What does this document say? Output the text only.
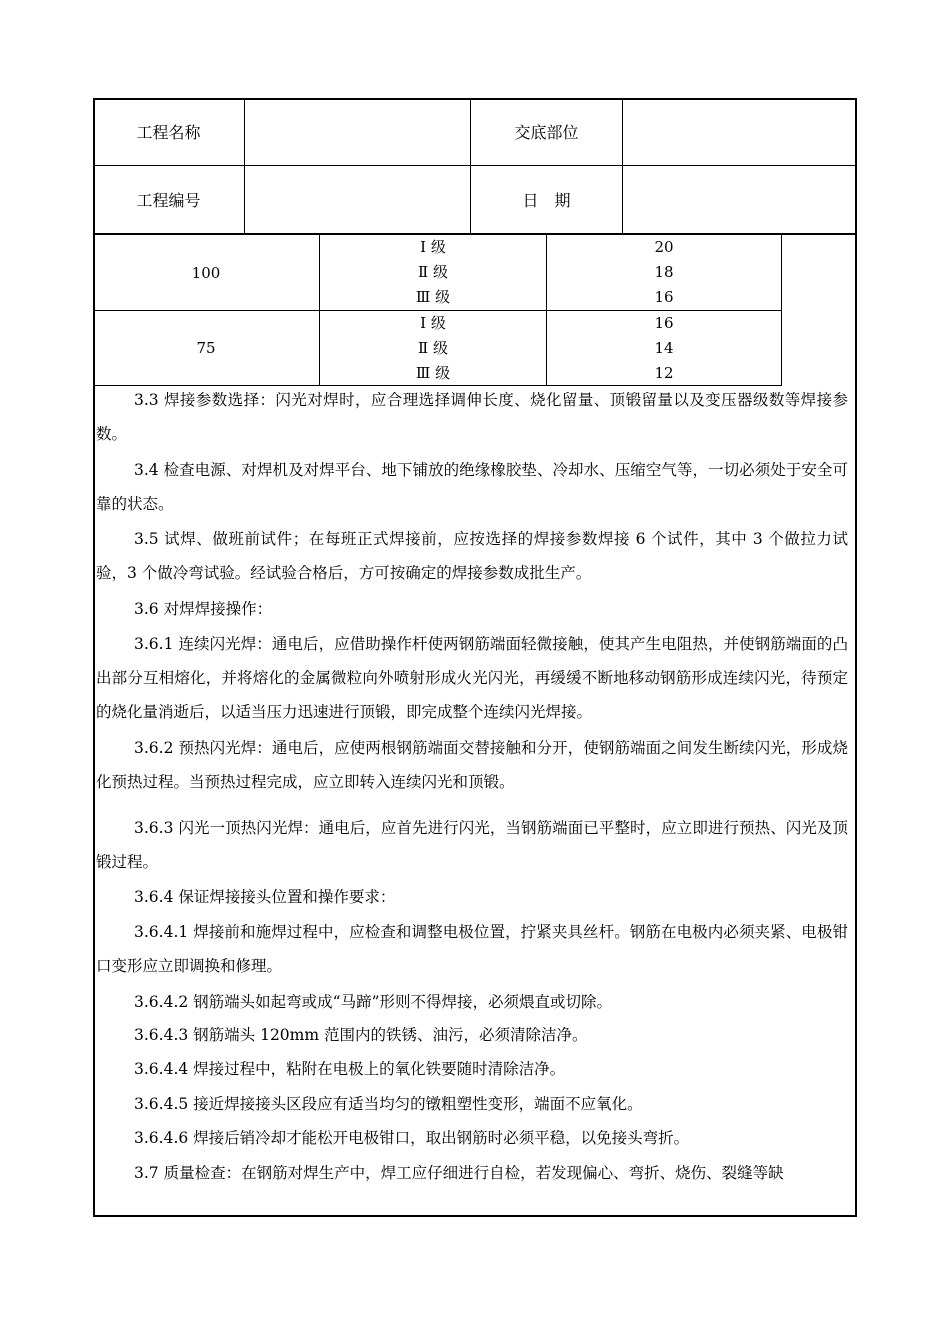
工程名称	交底部位
工程编号	日　期
100
Ⅰ 级
Ⅱ 级
Ⅲ 级
20
18
16
75
Ⅰ 级
Ⅱ 级
Ⅲ 级
16
14
12
3.3 焊接参数选择：闪光对焊时，应合理选择调伸长度、烧化留量、顶锻留量以及变压器级数等焊接参数。
3.4 检查电源、对焊机及对焊平台、地下铺放的绝缘橡胶垫、冷却水、压缩空气等，一切必须处于安全可靠的状态。
3.5 试焊、做班前试件；在每班正式焊接前，应按选择的焊接参数焊接 6 个试件，其中 3 个做拉力试验，3 个做冷弯试验。经试验合格后，方可按确定的焊接参数成批生产。
3.6 对焊焊接操作：
3.6.1 连续闪光焊：通电后，应借助操作杆使两钢筋端面轻微接触，使其产生电阻热，并使钢筋端面的凸出部分互相熔化，并将熔化的金属微粒向外喷射形成火光闪光，再缓缓不断地移动钢筋形成连续闪光，待预定的烧化量消逝后，以适当压力迅速进行顶锻，即完成整个连续闪光焊接。
3.6.2 预热闪光焊：通电后，应使两根钢筋端面交替接触和分开，使钢筋端面之间发生断续闪光，形成烧化预热过程。当预热过程完成，应立即转入连续闪光和顶锻。
3.6.3 闪光一顶热闪光焊：通电后，应首先进行闪光，当钢筋端面已平整时，应立即进行预热、闪光及顶锻过程。
3.6.4 保证焊接接头位置和操作要求：
3.6.4.1 焊接前和施焊过程中，应检查和调整电极位置，拧紧夹具丝杆。钢筋在电极内必须夹紧、电极钳口变形应立即调换和修理。
3.6.4.2 钢筋端头如起弯或成“马蹄”形则不得焊接，必须煨直或切除。
3.6.4.3 钢筋端头 120mm 范围内的铁锈、油污，必须清除洁净。
3.6.4.4 焊接过程中，粘附在电极上的氧化铁要随时清除洁净。
3.6.4.5 接近焊接接头区段应有适当均匀的镦粗塑性变形，端面不应氧化。
3.6.4.6 焊接后销冷却才能松开电极钳口，取出钢筋时必须平稳，以免接头弯折。
3.7 质量检查：在钢筋对焊生产中，焊工应仔细进行自检，若发现偏心、弯折、烧伤、裂缝等缺
